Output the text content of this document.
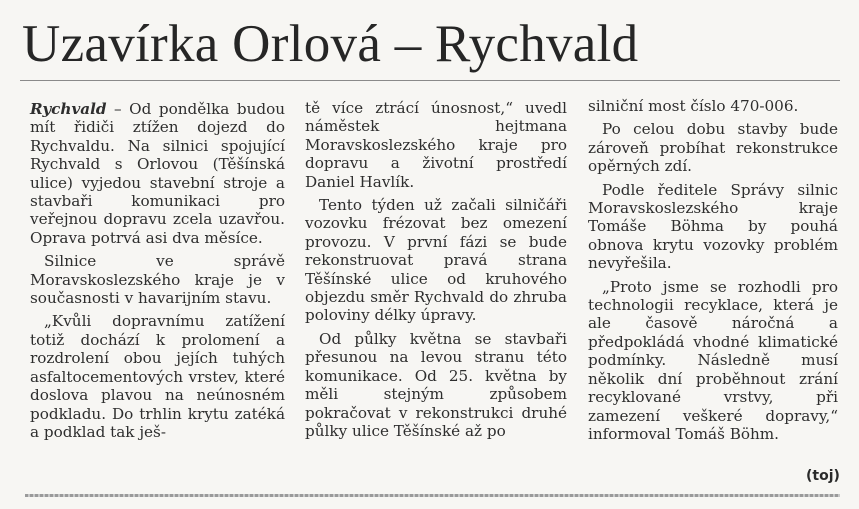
Uzavírka Orlová – Rychvald

Rychvald – Od pondělka budou mít řidiči ztížen dojezd do Rychvaldu. Na silnici spojující Rychvald s Orlovou (Těšínská ulice) vyjedou stavební stroje a stavbaři komunikaci pro veřejnou dopravu zcela uzavřou. Oprava potrvá asi dva měsíce.

Silnice ve správě Moravskoslezského kraje je v současnosti v havarijním stavu.

„Kvůli dopravnímu zatížení totiž dochází k prolomení a rozdrolení obou jejích tuhých asfaltocementových vrstev, které doslova plavou na neúnosném podkladu. Do trhlin krytu zatéká a podklad tak ješ-

tě více ztrácí únosnost,“ uvedl náměstek hejtmana Moravskoslezského kraje pro dopravu a životní prostředí Daniel Havlík.

Tento týden už začali silničáři vozovku frézovat bez omezení provozu. V první fázi se bude rekonstruovat pravá strana Těšínské ulice od kruhového objezdu směr Rychvald do zhruba poloviny délky úpravy.

Od půlky května se stavbaři přesunou na levou stranu této komunikace. Od 25. května by měli stejným způsobem pokračovat v rekonstrukci druhé půlky ulice Těšínské až po

silniční most číslo 470-006.

Po celou dobu stavby bude zároveň probíhat rekonstrukce opěrných zdí.

Podle ředitele Správy silnic Moravskoslezského kraje Tomáše Böhma by pouhá obnova krytu vozovky problém nevyřešila.

„Proto jsme se rozhodli pro technologii recyklace, která je ale časově náročná a předpokládá vhodné klimatické podmínky. Následně musí několik dní proběhnout zrání recyklované vrstvy, při zamezení veškeré dopravy,“ informoval Tomáš Böhm.

(toj)
